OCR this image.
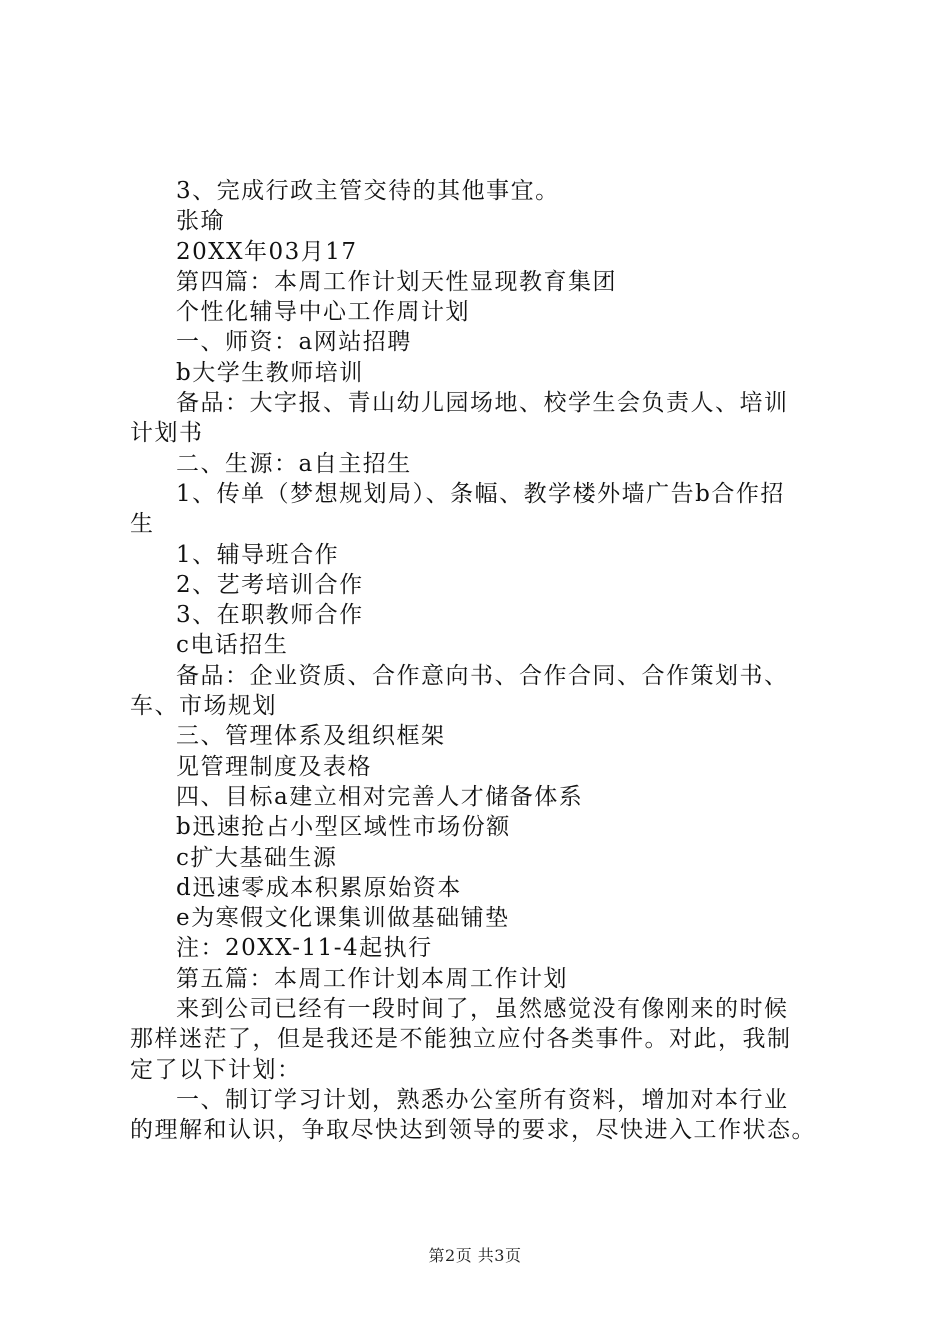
3、完成行政主管交待的其他事宜。
张瑜
20XX年03月17
第四篇：本周工作计划天性显现教育集团
个性化辅导中心工作周计划
一、师资：a网站招聘
b大学生教师培训
备品：大字报、青山幼儿园场地、校学生会负责人、培训
计划书
二、生源：a自主招生
1、传单（梦想规划局）、条幅、教学楼外墙广告b合作招
生
1、辅导班合作
2、艺考培训合作
3、在职教师合作
c电话招生
备品：企业资质、合作意向书、合作合同、合作策划书、
车、市场规划
三、管理体系及组织框架
见管理制度及表格
四、目标a建立相对完善人才储备体系
b迅速抢占小型区域性市场份额
c扩大基础生源
d迅速零成本积累原始资本
e为寒假文化课集训做基础铺垫
注：20XX-11-4起执行
第五篇：本周工作计划本周工作计划
来到公司已经有一段时间了，虽然感觉没有像刚来的时候
那样迷茫了，但是我还是不能独立应付各类事件。对此，我制
定了以下计划：
一、制订学习计划，熟悉办公室所有资料，增加对本行业
的理解和认识，争取尽快达到领导的要求，尽快进入工作状态。
第2页 共3页
